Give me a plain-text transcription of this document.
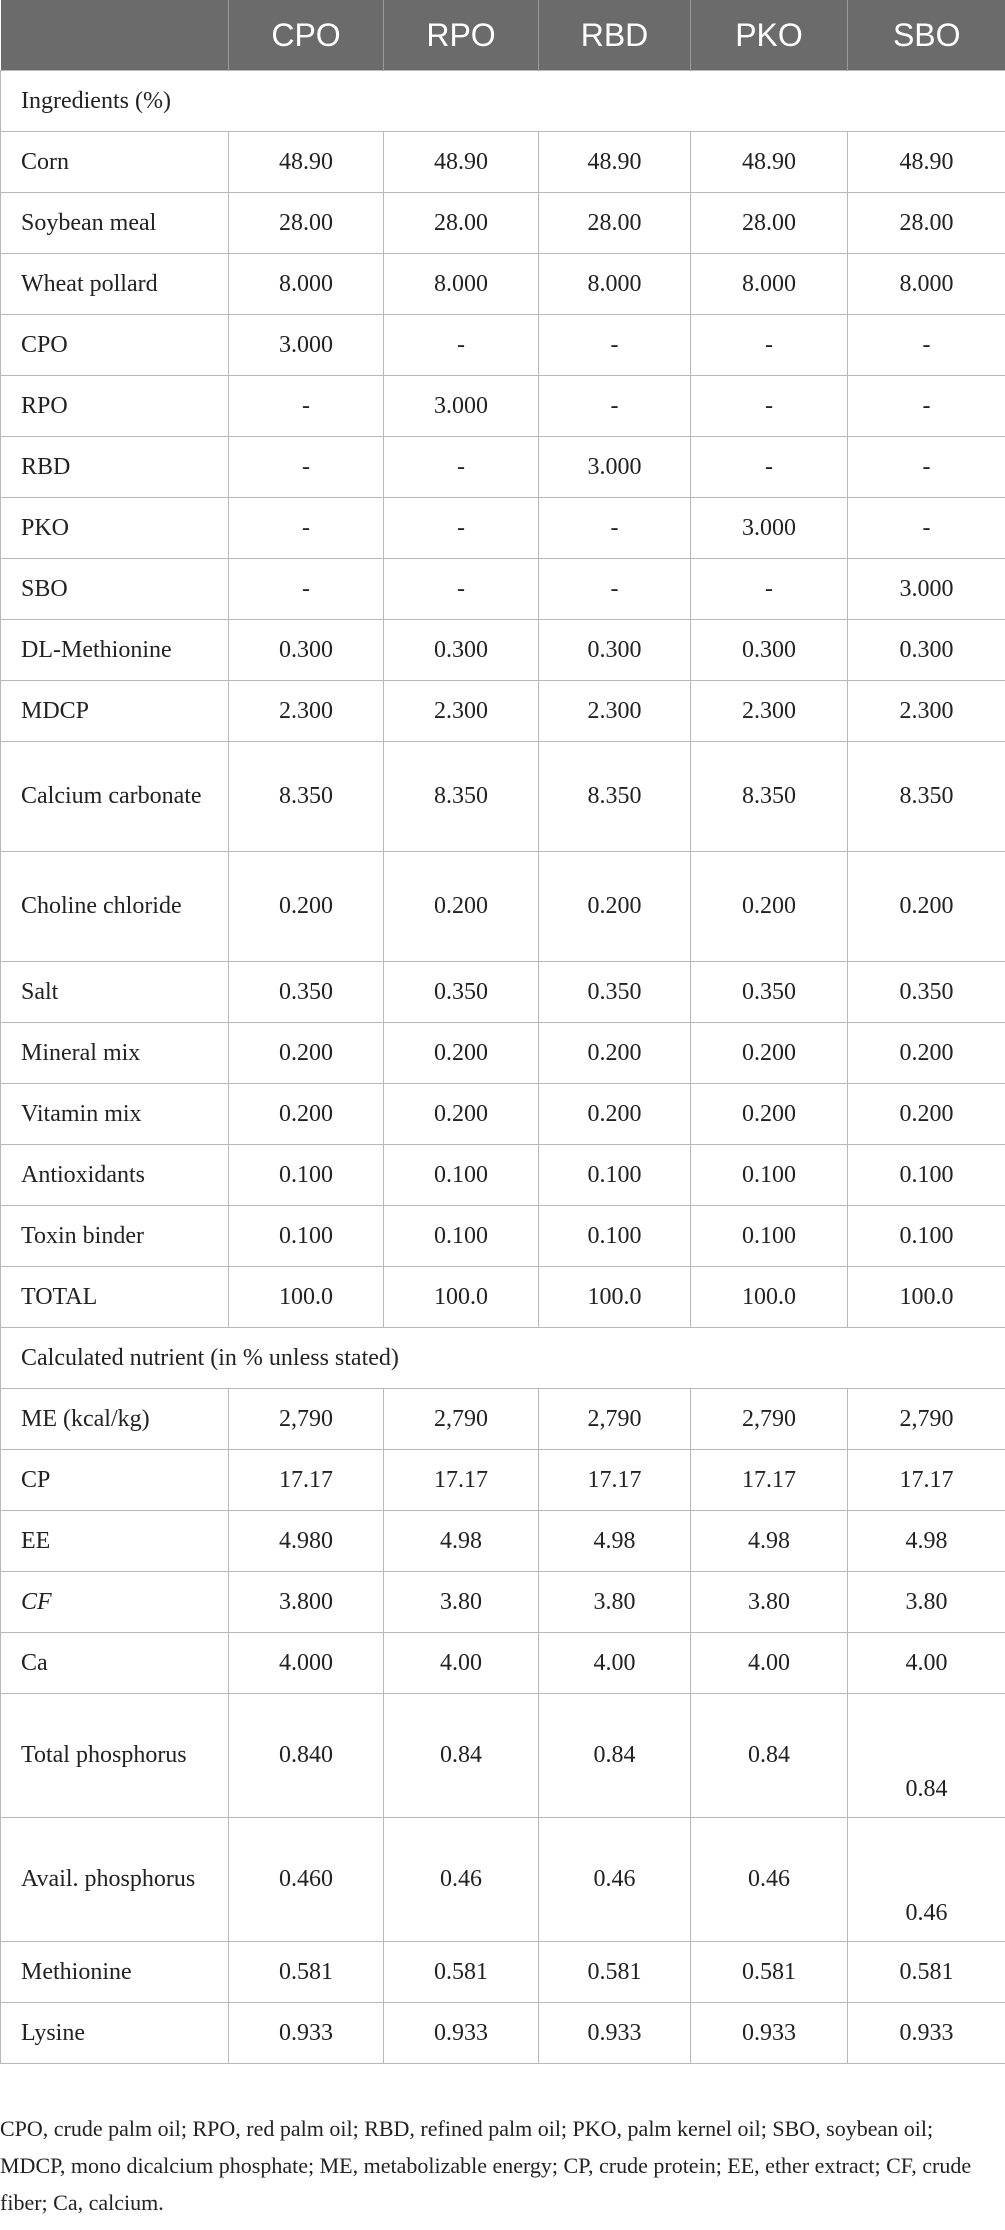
	CPO	RPO	RBD	PKO	SBO
Ingredients (%)					
Corn	48.90	48.90	48.90	48.90	48.90
Soybean meal	28.00	28.00	28.00	28.00	28.00
Wheat pollard	8.000	8.000	8.000	8.000	8.000
CPO	3.000	-	-	-	-
RPO	-	3.000	-	-	-
RBD	-	-	3.000	-	-
PKO	-	-	-	3.000	-
SBO	-	-	-	-	3.000
DL-Methionine	0.300	0.300	0.300	0.300	0.300
MDCP	2.300	2.300	2.300	2.300	2.300
Calcium carbonate	8.350	8.350	8.350	8.350	8.350
Choline chloride	0.200	0.200	0.200	0.200	0.200
Salt	0.350	0.350	0.350	0.350	0.350
Mineral mix	0.200	0.200	0.200	0.200	0.200
Vitamin mix	0.200	0.200	0.200	0.200	0.200
Antioxidants	0.100	0.100	0.100	0.100	0.100
Toxin binder	0.100	0.100	0.100	0.100	0.100
TOTAL	100.0	100.0	100.0	100.0	100.0
Calculated nutrient (in % unless stated)					
ME (kcal/kg)	2,790	2,790	2,790	2,790	2,790
CP	17.17	17.17	17.17	17.17	17.17
EE	4.980	4.98	4.98	4.98	4.98
CF	3.800	3.80	3.80	3.80	3.80
Ca	4.000	4.00	4.00	4.00	4.00
Total phosphorus	0.840	0.84	0.84	0.84	0.84
Avail. phosphorus	0.460	0.46	0.46	0.46	0.46
Methionine	0.581	0.581	0.581	0.581	0.581
Lysine	0.933	0.933	0.933	0.933	0.933
CPO, crude palm oil; RPO, red palm oil; RBD, refined palm oil; PKO, palm kernel oil; SBO, soybean oil; MDCP, mono dicalcium phosphate; ME, metabolizable energy; CP, crude protein; EE, ether extract; CF, crude fiber; Ca, calcium.
